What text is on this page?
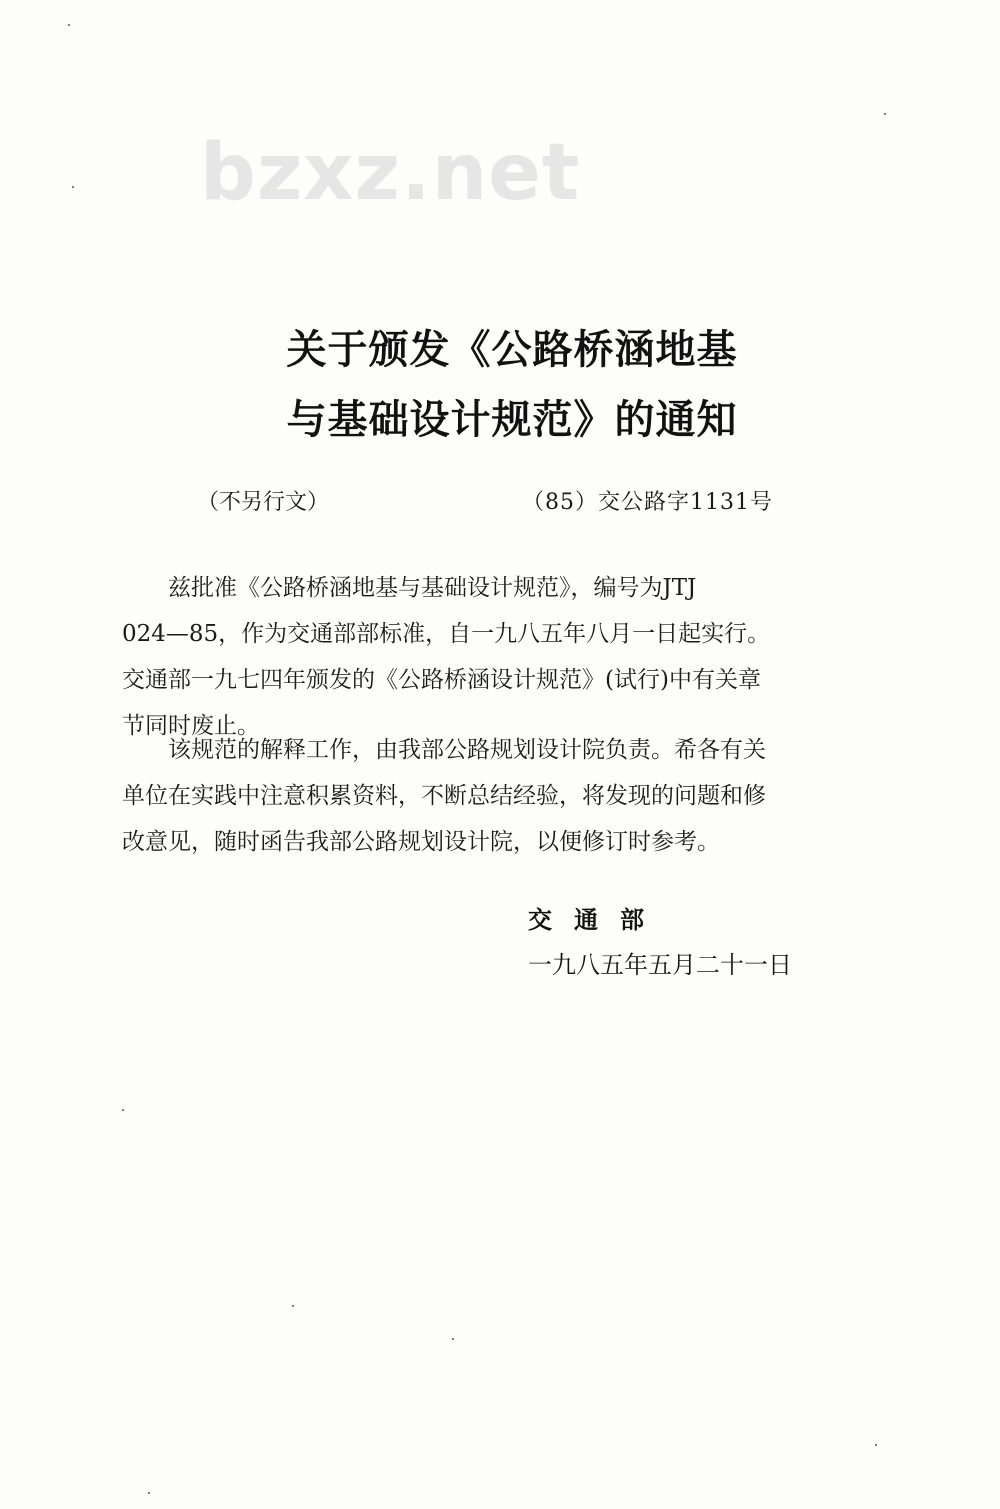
bzxz.net
关于颁发《公路桥涵地基
与基础设计规范》的通知
（不另行文）	（85）交公路字1131号
　　兹批准《公路桥涵地基与基础设计规范》，编号为JTJ
024—85，作为交通部部标准，自一九八五年八月一日起实行。
交通部一九七四年颁发的《公路桥涵设计规范》(试行)中有关章
节同时废止。
　　该规范的解释工作，由我部公路规划设计院负责。希各有关
单位在实践中注意积累资料，不断总结经验，将发现的问题和修
改意见，随时函告我部公路规划设计院，以便修订时参考。
交通部
一九八五年五月二十一日
